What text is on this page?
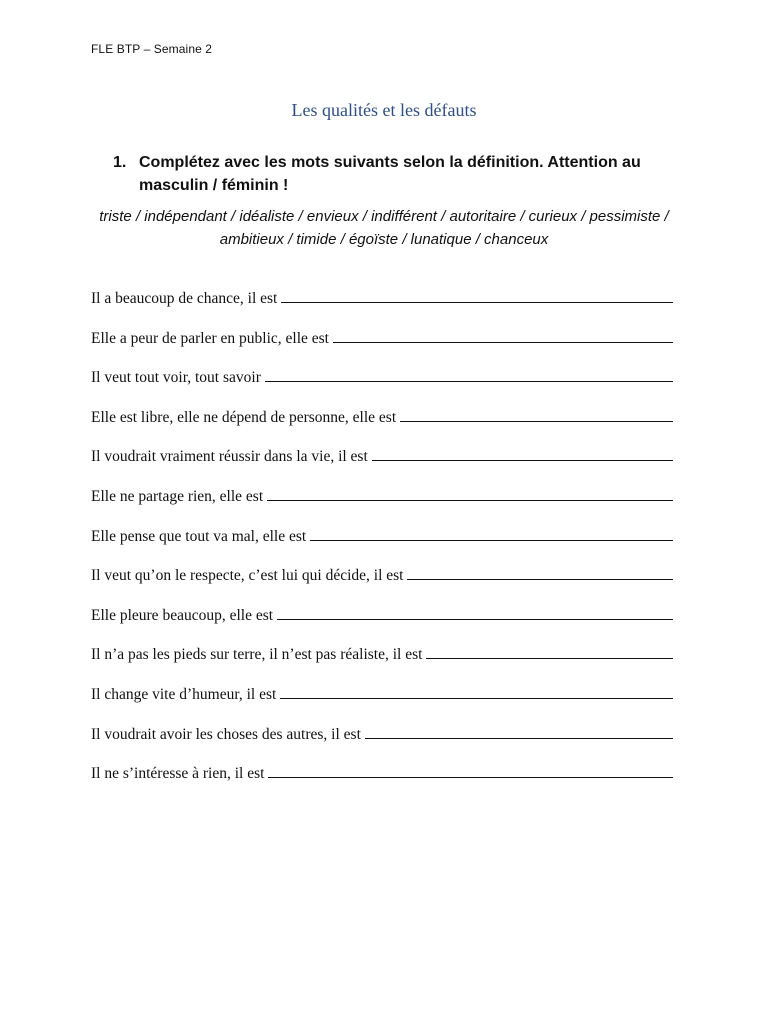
FLE BTP – Semaine 2
Les qualités et les défauts
1. Complétez avec les mots suivants selon la définition. Attention au masculin / féminin !
triste / indépendant / idéaliste / envieux / indifférent / autoritaire / curieux / pessimiste / ambitieux / timide / égoïste / lunatique / chanceux
Il a beaucoup de chance, il est
Elle a peur de parler en public, elle est
Il veut tout voir, tout savoir
Elle est libre, elle ne dépend de personne, elle est
Il voudrait vraiment réussir dans la vie, il est
Elle ne partage rien, elle est
Elle pense que tout va mal, elle est
Il veut qu’on le respecte, c’est lui qui décide, il est
Elle pleure beaucoup, elle est
Il n’a pas les pieds sur terre, il n’est pas réaliste, il est
Il change vite d’humeur, il est
Il voudrait avoir les choses des autres, il est
Il ne s’intéresse à rien, il est
